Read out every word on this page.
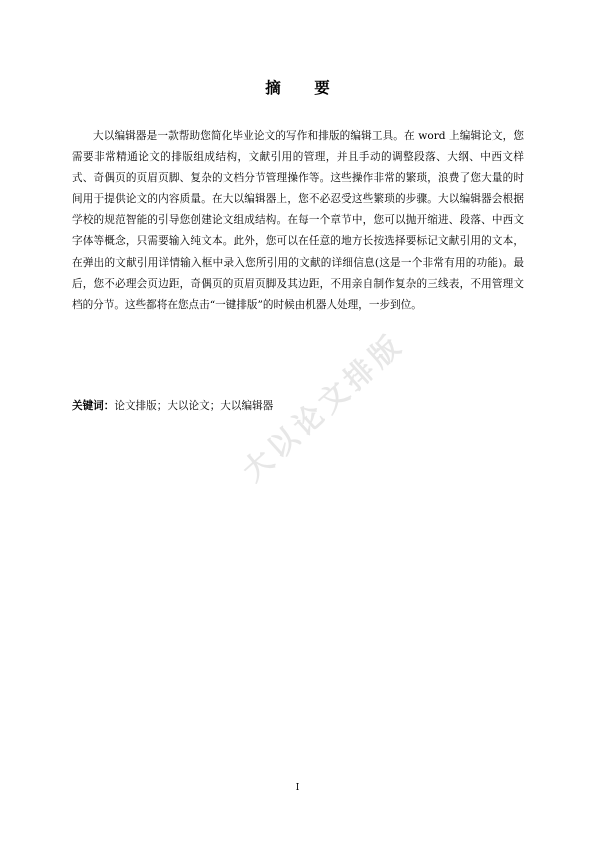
摘 要

大以编辑器是一款帮助您简化毕业论文的写作和排版的编辑工具。在 word 上编辑论文，您需要非常精通论文的排版组成结构，文献引用的管理，并且手动的调整段落、大纲、中西文样式、奇偶页的页眉页脚、复杂的文档分节管理操作等。这些操作非常的繁琐，浪费了您大量的时间用于提供论文的内容质量。在大以编辑器上，您不必忍受这些繁琐的步骤。大以编辑器会根据学校的规范智能的引导您创建论文组成结构。在每一个章节中，您可以抛开缩进、段落、中西文字体等概念，只需要输入纯文本。此外，您可以在任意的地方长按选择要标记文献引用的文本，在弹出的文献引用详情输入框中录入您所引用的文献的详细信息(这是一个非常有用的功能)。最后，您不必理会页边距，奇偶页的页眉页脚及其边距，不用亲自制作复杂的三线表，不用管理文档的分节。这些都将在您点击“一键排版”的时候由机器人处理，一步到位。

关键词：论文排版；大以论文；大以编辑器
大以论文排版
I
